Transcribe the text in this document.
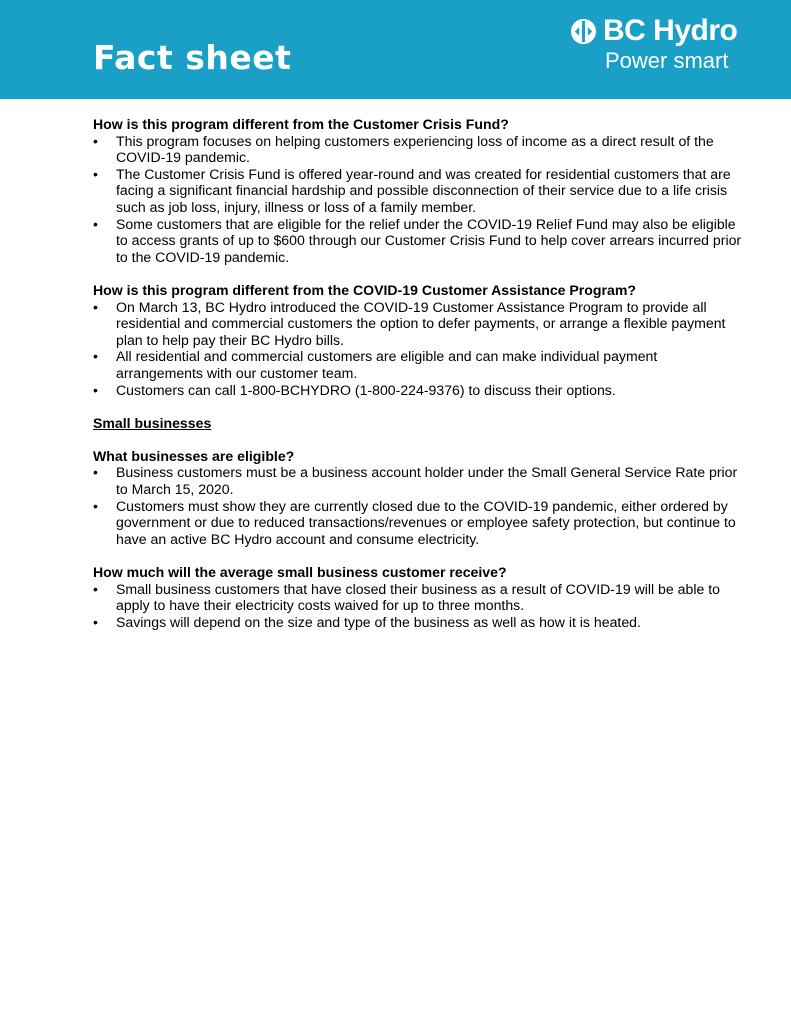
Fact sheet
BC Hydro
Power smart
How is this program different from the Customer Crisis Fund?
• This program focuses on helping customers experiencing loss of income as a direct result of the COVID-19 pandemic.
• The Customer Crisis Fund is offered year-round and was created for residential customers that are facing a significant financial hardship and possible disconnection of their service due to a life crisis such as job loss, injury, illness or loss of a family member.
• Some customers that are eligible for the relief under the COVID-19 Relief Fund may also be eligible to access grants of up to $600 through our Customer Crisis Fund to help cover arrears incurred prior to the COVID-19 pandemic.
How is this program different from the COVID-19 Customer Assistance Program?
• On March 13, BC Hydro introduced the COVID-19 Customer Assistance Program to provide all residential and commercial customers the option to defer payments, or arrange a flexible payment plan to help pay their BC Hydro bills.
• All residential and commercial customers are eligible and can make individual payment arrangements with our customer team.
• Customers can call 1-800-BCHYDRO (1-800-224-9376) to discuss their options.
Small businesses
What businesses are eligible?
• Business customers must be a business account holder under the Small General Service Rate prior to March 15, 2020.
• Customers must show they are currently closed due to the COVID-19 pandemic, either ordered by government or due to reduced transactions/revenues or employee safety protection, but continue to have an active BC Hydro account and consume electricity.
How much will the average small business customer receive?
• Small business customers that have closed their business as a result of COVID-19 will be able to apply to have their electricity costs waived for up to three months.
• Savings will depend on the size and type of the business as well as how it is heated.
